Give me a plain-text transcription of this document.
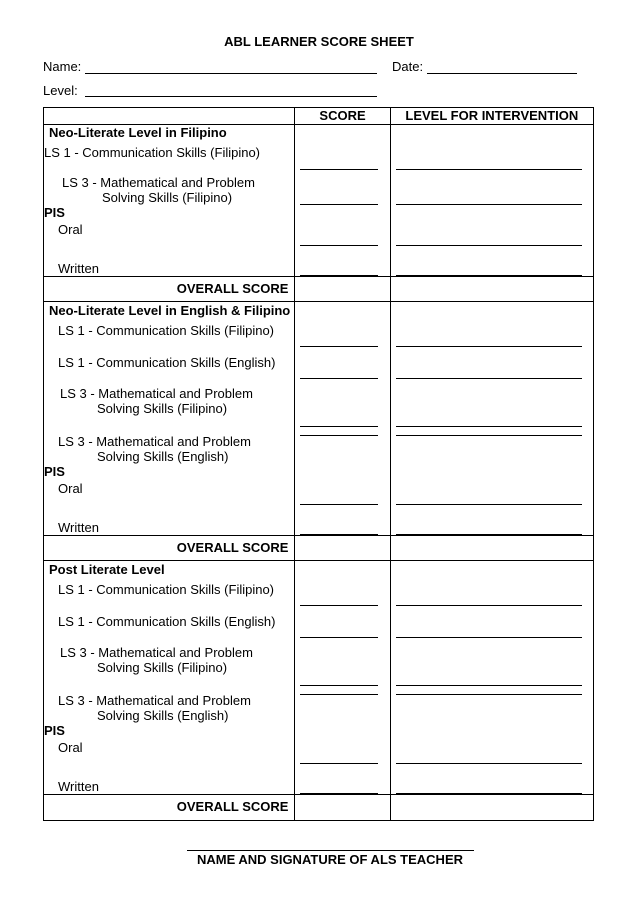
ABL LEARNER SCORE SHEET
Name:	Date:
Level:
	SCORE	LEVEL FOR INTERVENTION
Neo-Literate Level in Filipino		
LS 1 - Communication Skills (Filipino)	

LS 3 - Mathematical and Problem
Solving Skills (Filipino)		

PIS		
Oral	

Written	

OVERALL SCORE		
Neo-Literate Level in English & Filipino		
LS 1 - Communication Skills (Filipino)	

LS 1 - Communication Skills (English)	

LS 3 - Mathematical and Problem
Solving Skills (Filipino)		

LS 3 - Mathematical and Problem
Solving Skills (English)		

PIS		
Oral	

Written	

OVERALL SCORE		
Post Literate Level		
LS 1 - Communication Skills (Filipino)	

LS 1 - Communication Skills (English)	

LS 3 - Mathematical and Problem
Solving Skills (Filipino)		

LS 3 - Mathematical and Problem
Solving Skills (English)		

PIS		
Oral	

Written	

OVERALL SCORE		
NAME AND SIGNATURE OF ALS TEACHER
